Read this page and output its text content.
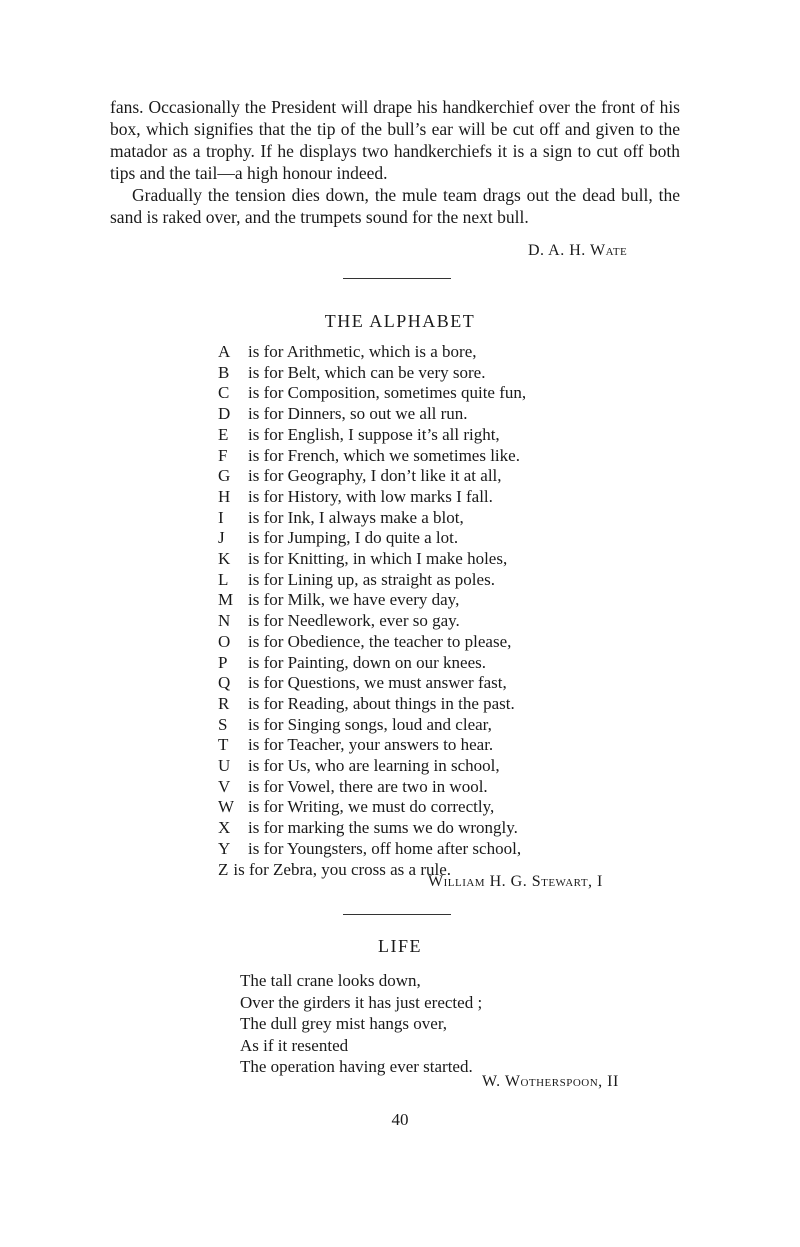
fans. Occasionally the President will drape his handkerchief over the front of his box, which signifies that the tip of the bull’s ear will be cut off and given to the matador as a trophy. If he displays two handkerchiefs it is a sign to cut off both tips and the tail—a high honour indeed.

Gradually the tension dies down, the mule team drags out the dead bull, the sand is raked over, and the trumpets sound for the next bull.

D. A. H. Wate
THE ALPHABET
A	is for Arithmetic, which is a bore,
B	is for Belt, which can be very sore.
C	is for Composition, sometimes quite fun,
D	is for Dinners, so out we all run.
E	is for English, I suppose it’s all right,
F	is for French, which we sometimes like.
G	is for Geography, I don’t like it at all,
H	is for History, with low marks I fall.
I	is for Ink, I always make a blot,
J	is for Jumping, I do quite a lot.
K	is for Knitting, in which I make holes,
L	is for Lining up, as straight as poles.
M is for Milk, we have every day,
N	is for Needlework, ever so gay.
O	is for Obedience, the teacher to please,
P	is for Painting, down on our knees.
Q	is for Questions, we must answer fast,
R	is for Reading, about things in the past.
S	is for Singing songs, loud and clear,
T	is for Teacher, your answers to hear.
U	is for Us, who are learning in school,
V	is for Vowel, there are two in wool.
W is for Writing, we must do correctly,
X	is for marking the sums we do wrongly.
Y	is for Youngsters, off home after school,
Z is for Zebra, you cross as a rule.
William H. G. Stewart, I
LIFE
The tall crane looks down,
Over the girders it has just erected ;
The dull grey mist hangs over,
As if it resented
The operation having ever started.
W. Wotherspoon, II
40
